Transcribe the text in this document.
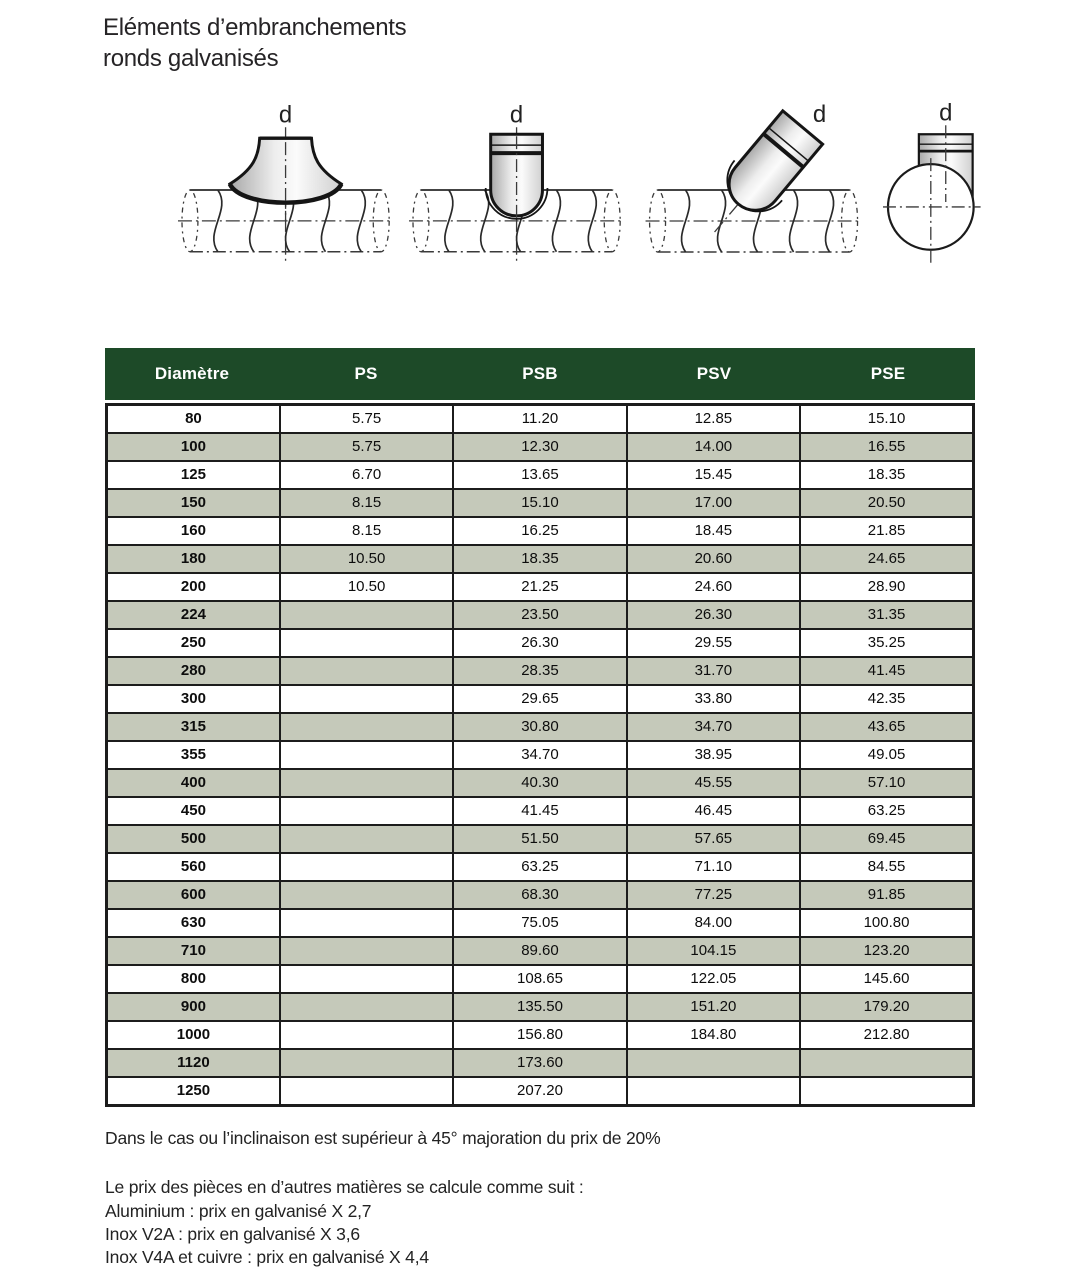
Eléments d’embranchements
ronds galvanisés
d	d	d	d
Diamètre	PS	PSB	PSV	PSE
80	5.75	11.20	12.85	15.10
100	5.75	12.30	14.00	16.55
125	6.70	13.65	15.45	18.35
150	8.15	15.10	17.00	20.50
160	8.15	16.25	18.45	21.85
180	10.50	18.35	20.60	24.65
200	10.50	21.25	24.60	28.90
224		23.50	26.30	31.35
250		26.30	29.55	35.25
280		28.35	31.70	41.45
300		29.65	33.80	42.35
315		30.80	34.70	43.65
355		34.70	38.95	49.05
400		40.30	45.55	57.10
450		41.45	46.45	63.25
500		51.50	57.65	69.45
560		63.25	71.10	84.55
600		68.30	77.25	91.85
630		75.05	84.00	100.80
710		89.60	104.15	123.20
800		108.65	122.05	145.60
900		135.50	151.20	179.20
1000		156.80	184.80	212.80
1120		173.60		
1250		207.20		
Dans le cas ou l’inclinaison est supérieur à 45° majoration du prix de 20%
Le prix des pièces en d’autres matières se calcule comme suit :
Aluminium : prix en galvanisé X 2,7
Inox V2A : prix en galvanisé X 3,6
Inox V4A et cuivre : prix en galvanisé X 4,4
